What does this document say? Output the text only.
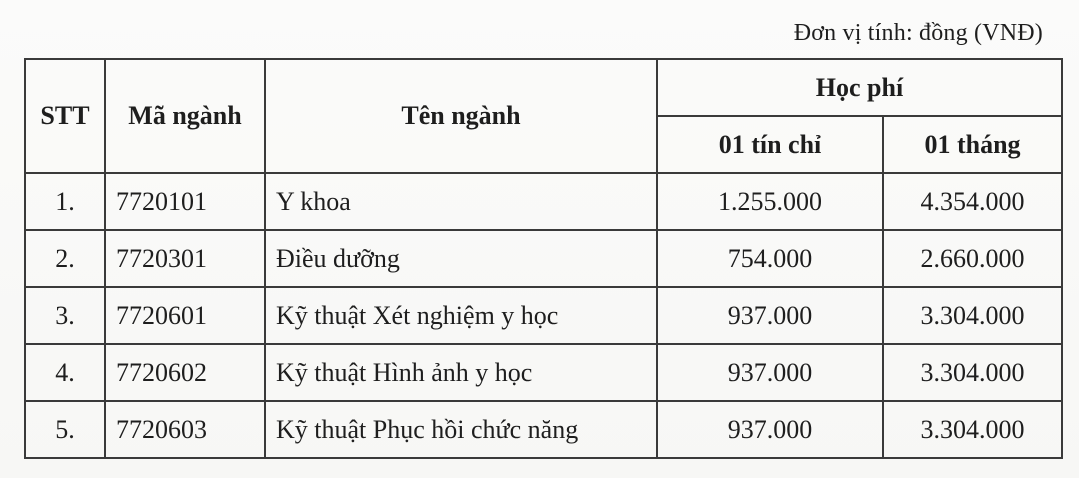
Đơn vị tính: đồng (VNĐ)
STT	Mã ngành	Tên ngành	Học phí	
			01 tín chỉ	01 tháng
1.	7720101	Y khoa	1.255.000	4.354.000
2.	7720301	Điều dưỡng	754.000	2.660.000
3.	7720601	Kỹ thuật Xét nghiệm y học	937.000	3.304.000
4.	7720602	Kỹ thuật Hình ảnh y học	937.000	3.304.000
5.	7720603	Kỹ thuật Phục hồi chức năng	937.000	3.304.000
